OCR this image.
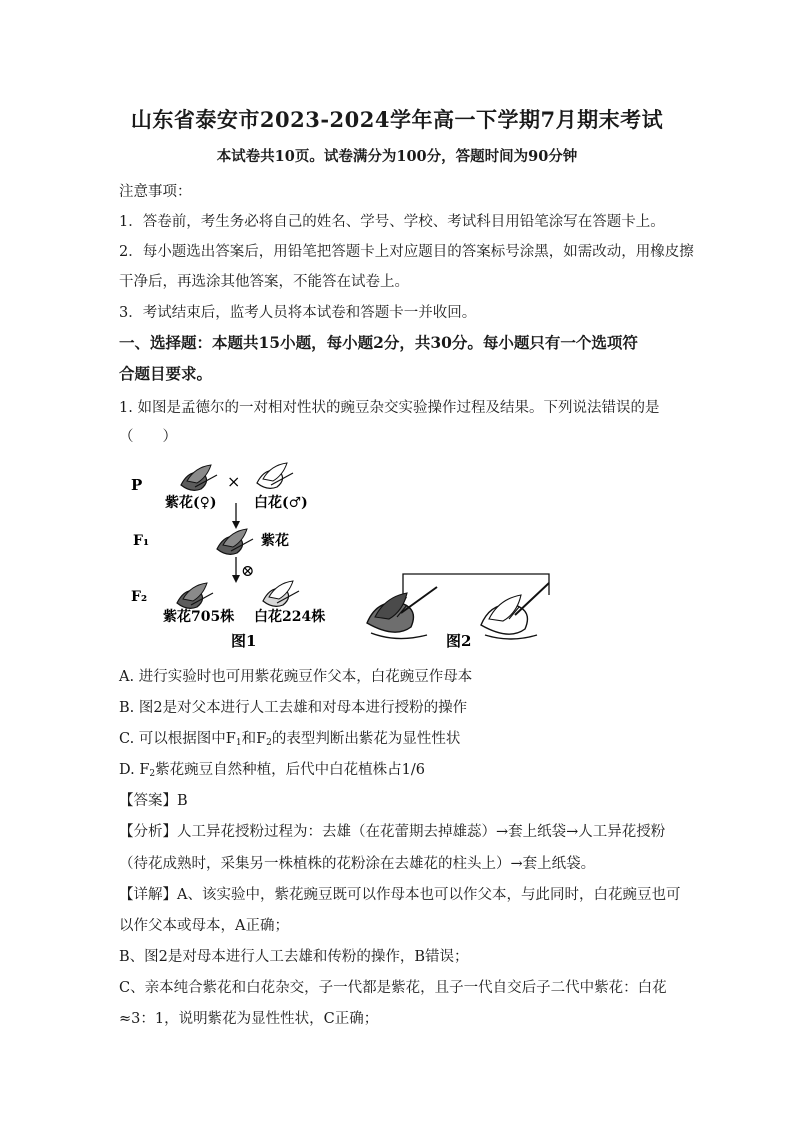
山东省泰安市2023-2024学年高一下学期7月期末考试
本试卷共10页。试卷满分为100分，答题时间为90分钟
注意事项：
1．答卷前，考生务必将自己的姓名、学号、学校、考试科目用铅笔涂写在答题卡上。
2．每小题选出答案后，用铅笔把答题卡上对应题目的答案标号涂黑，如需改动，用橡皮擦
干净后，再选涂其他答案，不能答在试卷上。
3．考试结束后，监考人员将本试卷和答题卡一并收回。
一、选择题：本题共15小题，每小题2分，共30分。每小题只有一个选项符
合题目要求。
1. 如图是孟德尔的一对相对性状的豌豆杂交实验操作过程及结果。下列说法错误的是
（　　）
P	×
紫花(♀)	白花(♂)
F₁	紫花
⊗
F₂
紫花705株 白花224株
图1	图2
A. 进行实验时也可用紫花豌豆作父本，白花豌豆作母本
B. 图2是对父本进行人工去雄和对母本进行授粉的操作
C. 可以根据图中$F_1$和$F_2$的表型判断出紫花为显性性状
D. $F_2$紫花豌豆自然种植，后代中白花植株占1/6
【答案】B
【分析】人工异花授粉过程为：去雄（在花蕾期去掉雄蕊）→套上纸袋→人工异花授粉
（待花成熟时，采集另一株植株的花粉涂在去雄花的柱头上）→套上纸袋。
【详解】A、该实验中，紫花豌豆既可以作母本也可以作父本，与此同时，白花豌豆也可
以作父本或母本，A正确；
B、图2是对母本进行人工去雄和传粉的操作，B错误；
C、亲本纯合紫花和白花杂交，子一代都是紫花，且子一代自交后子二代中紫花：白花
≈3：1，说明紫花为显性性状，C正确；
